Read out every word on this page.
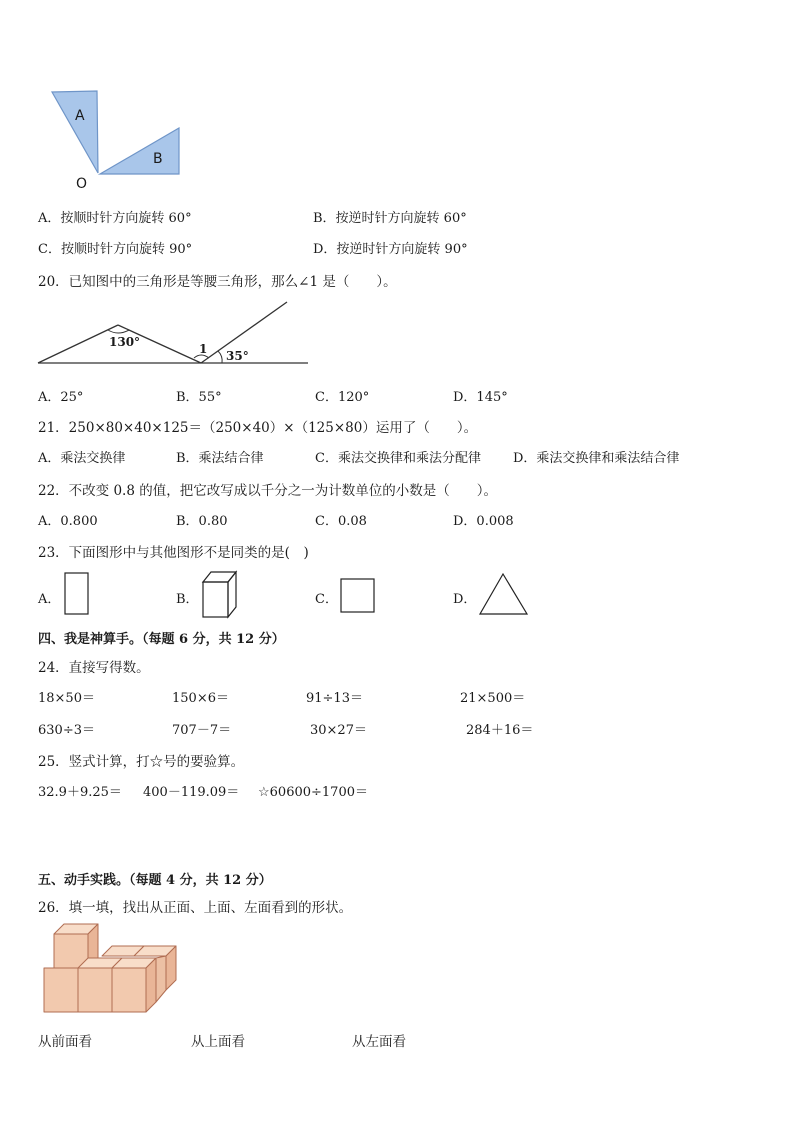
A
B
O
A．按顺时针方向旋转 60°	B．按逆时针方向旋转 60°
C．按顺时针方向旋转 90°	D．按逆时针方向旋转 90°
20．已知图中的三角形是等腰三角形，那么∠1 是（　　）。
130°	1 35°
A．25°	B．55°	C．120°	D．145°
21．250×80×40×125＝（250×40）×（125×80）运用了（　　）。
A．乘法交换律	B．乘法结合律	C．乘法交换律和乘法分配律 D．乘法交换律和乘法结合律
22．不改变 0.8 的值，把它改写成以千分之一为计数单位的小数是（　　）。
A．0.800	B．0.80	C．0.08	D．0.008
23．下面图形中与其他图形不是同类的是(　)
A．	B．	C．	D．
四、我是神算手。（每题 6 分，共 12 分）
24．直接写得数。
18×50＝	150×6＝	91÷13＝	21×500＝
630÷3＝	707－7＝	30×27＝	284＋16＝
25．竖式计算，打☆号的要验算。
32.9＋9.25＝ 400－119.09＝ ☆60600÷1700＝
五、动手实践。（每题 4 分，共 12 分）
26．填一填，找出从正面、上面、左面看到的形状。
从前面看	从上面看	从左面看
